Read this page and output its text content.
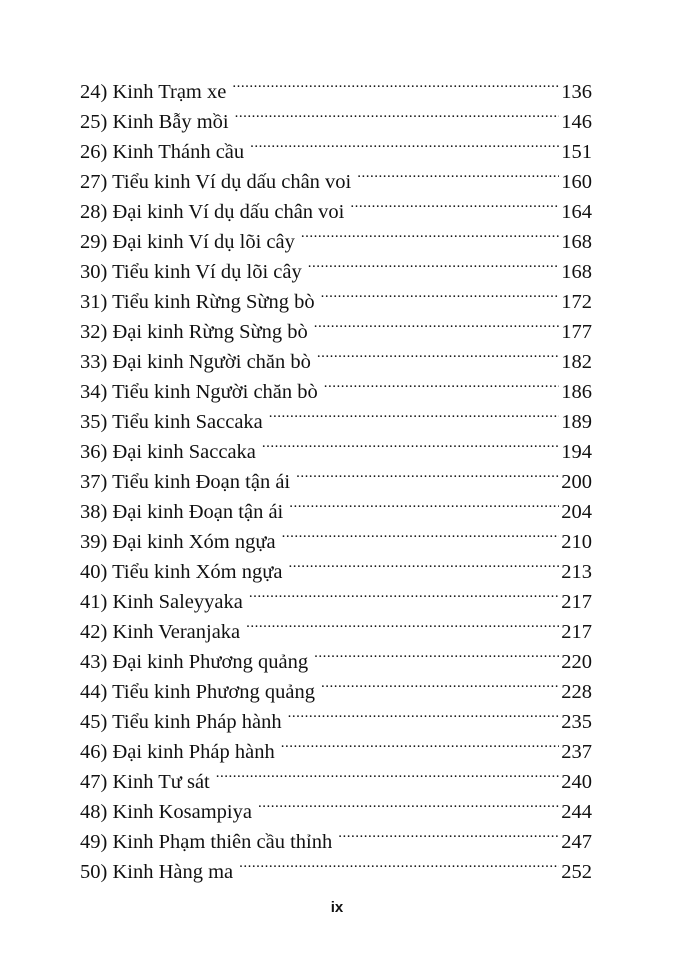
24) Kinh Trạm xe .....	136
25) Kinh Bẫy mồi .....	146
26) Kinh Thánh cầu .....	151
27) Tiểu kinh Ví dụ dấu chân voi .....	160
28) Đại kinh Ví dụ dấu chân voi .....	164
29) Đại kinh Ví dụ lõi cây .....	168
30) Tiểu kinh Ví dụ lõi cây .....	168
31) Tiểu kinh Rừng Sừng bò .....	172
32) Đại kinh Rừng Sừng bò .....	177
33) Đại kinh Người chăn bò .....	182
34) Tiểu kinh Người chăn bò .....	186
35) Tiểu kinh Saccaka .....	189
36) Đại kinh Saccaka .....	194
37) Tiểu kinh Đoạn tận ái .....	200
38) Đại kinh Đoạn tận ái .....	204
39) Đại kinh Xóm ngựa .....	210
40) Tiểu kinh Xóm ngựa .....	213
41) Kinh Saleyyaka .....	217
42) Kinh Veranjaka .....	217
43) Đại kinh Phương quảng .....	220
44) Tiểu kinh Phương quảng .....	228
45) Tiểu kinh Pháp hành .....	235
46) Đại kinh Pháp hành .....	237
47) Kinh Tư sát .....	240
48) Kinh Kosampiya .....	244
49) Kinh Phạm thiên cầu thỉnh .....	247
50) Kinh Hàng ma .....	252
ix
